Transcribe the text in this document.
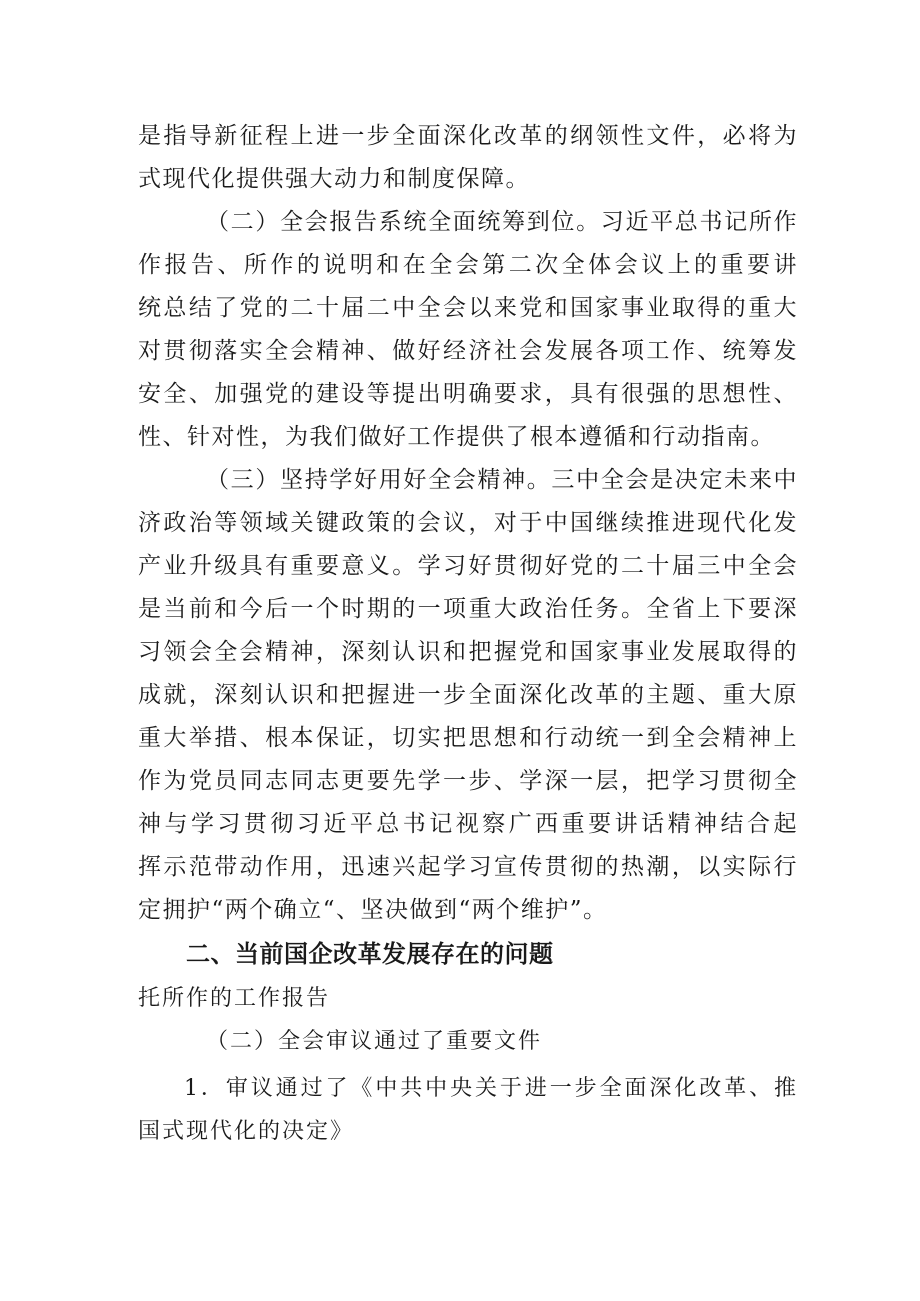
是指导新征程上进一步全面深化改革的纲领性文件，必将为
式现代化提供强大动力和制度保障。
（二）全会报告系统全面统筹到位。习近平总书记所作
作报告、所作的说明和在全会第二次全体会议上的重要讲
统总结了党的二十届二中全会以来党和国家事业取得的重大
对贯彻落实全会精神、做好经济社会发展各项工作、统筹发
安全、加强党的建设等提出明确要求，具有很强的思想性、
性、针对性，为我们做好工作提供了根本遵循和行动指南。
（三）坚持学好用好全会精神。三中全会是决定未来中
济政治等领域关键政策的会议，对于中国继续推进现代化发
产业升级具有重要意义。学习好贯彻好党的二十届三中全会
是当前和今后一个时期的一项重大政治任务。全省上下要深
习领会全会精神，深刻认识和把握党和国家事业发展取得的
成就，深刻认识和把握进一步全面深化改革的主题、重大原
重大举措、根本保证，切实把思想和行动统一到全会精神上
作为党员同志同志更要先学一步、学深一层，把学习贯彻全
神与学习贯彻习近平总书记视察广西重要讲话精神结合起
挥示范带动作用，迅速兴起学习宣传贯彻的热潮，以实际行
定拥护“两个确立“、坚决做到“两个维护”。
二、当前国企改革发展存在的问题
托所作的工作报告
（二）全会审议通过了重要文件
1．审议通过了《中共中央关于进一步全面深化改革、推
国式现代化的决定》
